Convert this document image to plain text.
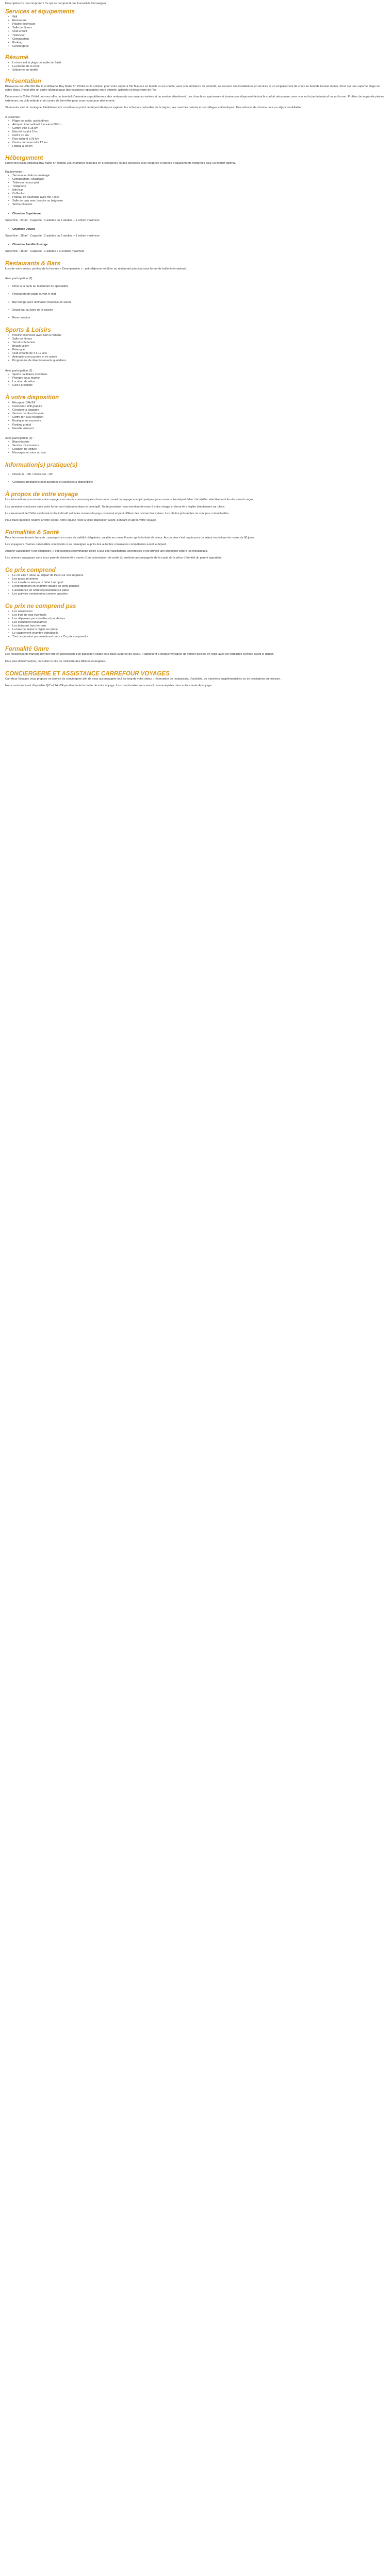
Description Ce qui comprend / Ce qui ne comprend pas Formalités Conseigner

Services et équipements
• Wifi
• Restaurant
• Piscine extérieure
• Salle de fitness
• Club enfant
• Télévision
• Climatisation
• Parking
• Conciergerie
Résumé
• La terre est la plage de sable de Saidi
• La piscine de la zone
• Séjourner en famille
Présentation

Bienvenue au Hôtel Bin Bal la et Athlantal Bay Mahe 5*, l'hôtel est la solution pour votre séjour à l'île Maurice en famille ou en couple, avec son ambiance de sérénité, se trouvent des installations et services et un emplacement de choix au bord de l'océan Indien. Posé sur une superbe plage de sable blanc, l'hôtel offre un cadre idyllique pour des vacances reposantes entre détente, activités et découverte de l'île.

Découvrez la Crête, l'hôtel qui vous offre un éventail d'animations quotidiennes, des restaurants aux saveurs variées et un service attentionné. Les chambres spacieuses et lumineuses disposent de tout le confort nécessaire, avec vue sur le jardin tropical ou sur la mer. Profitez de la grande piscine extérieure, du club enfants et du centre de bien-être pour vous ressourcer pleinement.

Situé entre mer et montagne, l'établissement constitue un point de départ idéal pour explorer les richesses naturelles de la région, ses marchés colorés et ses villages authentiques. Une adresse de charme pour un séjour inoubliable.

À proximité :

• Plage de sable, accès direct
• Aéroport international à environ 60 km
• Centre-ville à 15 km
• Marché local à 5 km
• Golf à 10 km
• Parc naturel à 25 km
• Centre commercial à 12 km
• Hôpital à 20 km
Hébergement

L'hôtel Bin Bal la Athlantal Bay Mahe 5* compte 256 chambres réparties en 5 catégories, toutes décorées avec élégance et dotées d'équipements modernes pour un confort optimal.

Équipements :

• Terrasse ou balcon aménagé
• Climatisation / chauffage
• Télévision écran plat
• Téléphone
• Mini-bar
• Coffre-fort
• Plateau de courtoisie avec thé / café
• Salle de bain avec douche ou baignoire
• Sèche-cheveux
• Chambre Supérieure

Superficie : 32 m² · Capacité : 2 adultes ou 2 adultes + 1 enfant maximum

• Chambre Deluxe

Superficie : 38 m² · Capacité : 2 adultes ou 2 adultes + 1 enfant maximum

• Chambre Famille Prestige

Superficie : 45 m² · Capacité : 2 adultes + 2 enfants maximum

Restaurants & Bars

Lors de votre séjour, profitez de la formule « Demi-pension » : petit-déjeuner et dîner au restaurant principal sous forme de buffet international.

Avec participation (€) :

• Dîner à la carte au restaurant de spécialités
• Restaurant de plage ouvert le midi
• Bar lounge avec animation musicale en soirée
• Snack-bar au bord de la piscine
• Room service
Sports & Loisirs
• Piscine extérieure avec bain à remous
• Salle de fitness
• Terrains de tennis
• Beach-volley
• Pétanque
• Club enfants de 4 à 12 ans
• Animations en journée et en soirée
• Programme de divertissements quotidiens

Avec participation (€) :

• Sports nautiques motorisés
• Plongée sous-marine
• Location de vélos
• Golf à proximité
À votre disposition
• Réception 24h/24
• Connexion Wifi gratuite
• Consigne à bagages
• Service de blanchisserie
• Coffre-fort à la réception
• Boutique de souvenirs
• Parking gratuit
• Navette aéroport

Avec participation (€) :

• Blanchisserie
• Service d'excursions
• Location de voiture
• Massages et soins au spa
Information(s) pratique(s)
• Check-in : 14h / check-out : 12h
• Certaines prestations sont payantes et soumises à disponibilité
À propos de votre voyage

Les informations concernant votre voyage vous seront communiquées dans votre carnet de voyage envoyé quelques jours avant votre départ. Merci de vérifier attentivement les documents reçus.

Les prestations incluses dans votre forfait sont indiquées dans le descriptif. Toute prestation non mentionnée reste à votre charge et devra être réglée directement sur place.

Le classement de l'hôtel est donné à titre indicatif selon les normes du pays concerné et peut différer des normes françaises. Les photos présentées ne sont pas contractuelles.

Pour toute question relative à votre séjour, notre équipe reste à votre disposition avant, pendant et après votre voyage.

Formalités & Santé

Pour les ressortissants français : passeport en cours de validité obligatoire, valable au moins 6 mois après la date de retour. Aucun visa n'est requis pour un séjour touristique de moins de 90 jours.

Les voyageurs d'autres nationalités sont invités à se renseigner auprès des autorités consulaires compétentes avant le départ.

Aucune vaccination n'est obligatoire. Il est toutefois recommandé d'être à jour des vaccinations universelles et de prévoir une protection contre les moustiques.

Les mineurs voyageant sans leurs parents doivent être munis d'une autorisation de sortie du territoire accompagnée de la copie de la pièce d'identité du parent signataire.

Ce prix comprend
• Le vol aller / retour au départ de Paris sur vols réguliers
• Les taxes aériennes
• Les transferts aéroport / hôtel / aéroport
• L'hébergement en chambre double en demi-pension
• L'assistance de notre représentant sur place
• Les activités mentionnées comme gratuites
Ce prix ne comprend pas
• Les assurances
• Les frais de visa éventuels
• Les dépenses personnelles et pourboires
• Les excursions facultatives
• Les boissons hors formule
• La taxe de séjour à régler sur place
• Le supplément chambre individuelle
• Tout ce qui n'est pas mentionné dans « Ce prix comprend »
Formalité Gmre

Les ressortissants français devront être en possession d'un passeport valide pour toute la durée du séjour. Il appartient à chaque voyageur de vérifier qu'il est en règle avec les formalités d'entrée avant le départ.

Pour plus d'informations, consultez le site du ministère des Affaires étrangères.

CONCIERGERIE ET ASSISTANCE CARREFOUR VOYAGES

Carrefour Voyages vous propose un service de conciergerie afin de vous accompagner tout au long de votre séjour : réservation de restaurants, d'activités, de transferts supplémentaires ou de prestations sur mesure.

Notre assistance est disponible 7j/7 et 24h/24 pendant toute la durée de votre voyage. Les coordonnées vous seront communiquées dans votre carnet de voyage.
